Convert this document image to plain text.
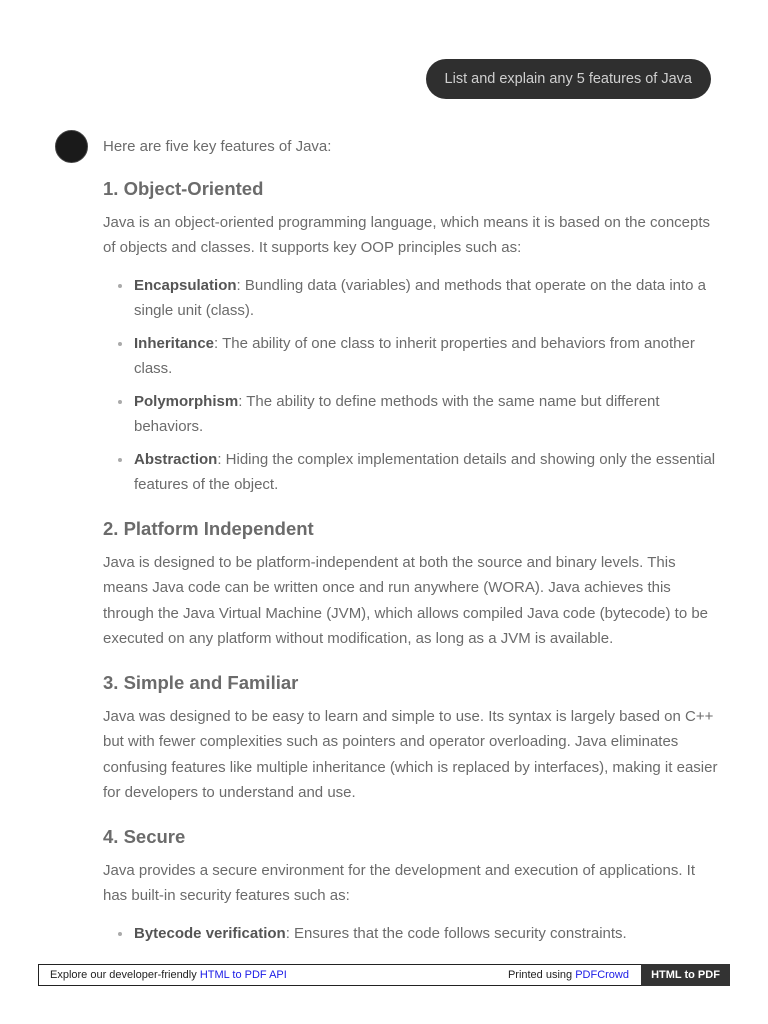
List and explain any 5 features of Java

Here are five key features of Java:

1. Object-Oriented

Java is an object-oriented programming language, which means it is based on the concepts of objects and classes. It supports key OOP principles such as:

Encapsulation: Bundling data (variables) and methods that operate on the data into a single unit (class).
Inheritance: The ability of one class to inherit properties and behaviors from another class.
Polymorphism: The ability to define methods with the same name but different behaviors.
Abstraction: Hiding the complex implementation details and showing only the essential features of the object.
2. Platform Independent

Java is designed to be platform-independent at both the source and binary levels. This means Java code can be written once and run anywhere (WORA). Java achieves this through the Java Virtual Machine (JVM), which allows compiled Java code (bytecode) to be executed on any platform without modification, as long as a JVM is available.

3. Simple and Familiar

Java was designed to be easy to learn and simple to use. Its syntax is largely based on C++ but with fewer complexities such as pointers and operator overloading. Java eliminates confusing features like multiple inheritance (which is replaced by interfaces), making it easier for developers to understand and use.

4. Secure

Java provides a secure environment for the development and execution of applications. It has built-in security features such as:

Bytecode verification: Ensures that the code follows security constraints.
Explore our developer-friendly HTML to PDF API	Printed using PDFCrowd	HTML to PDF
